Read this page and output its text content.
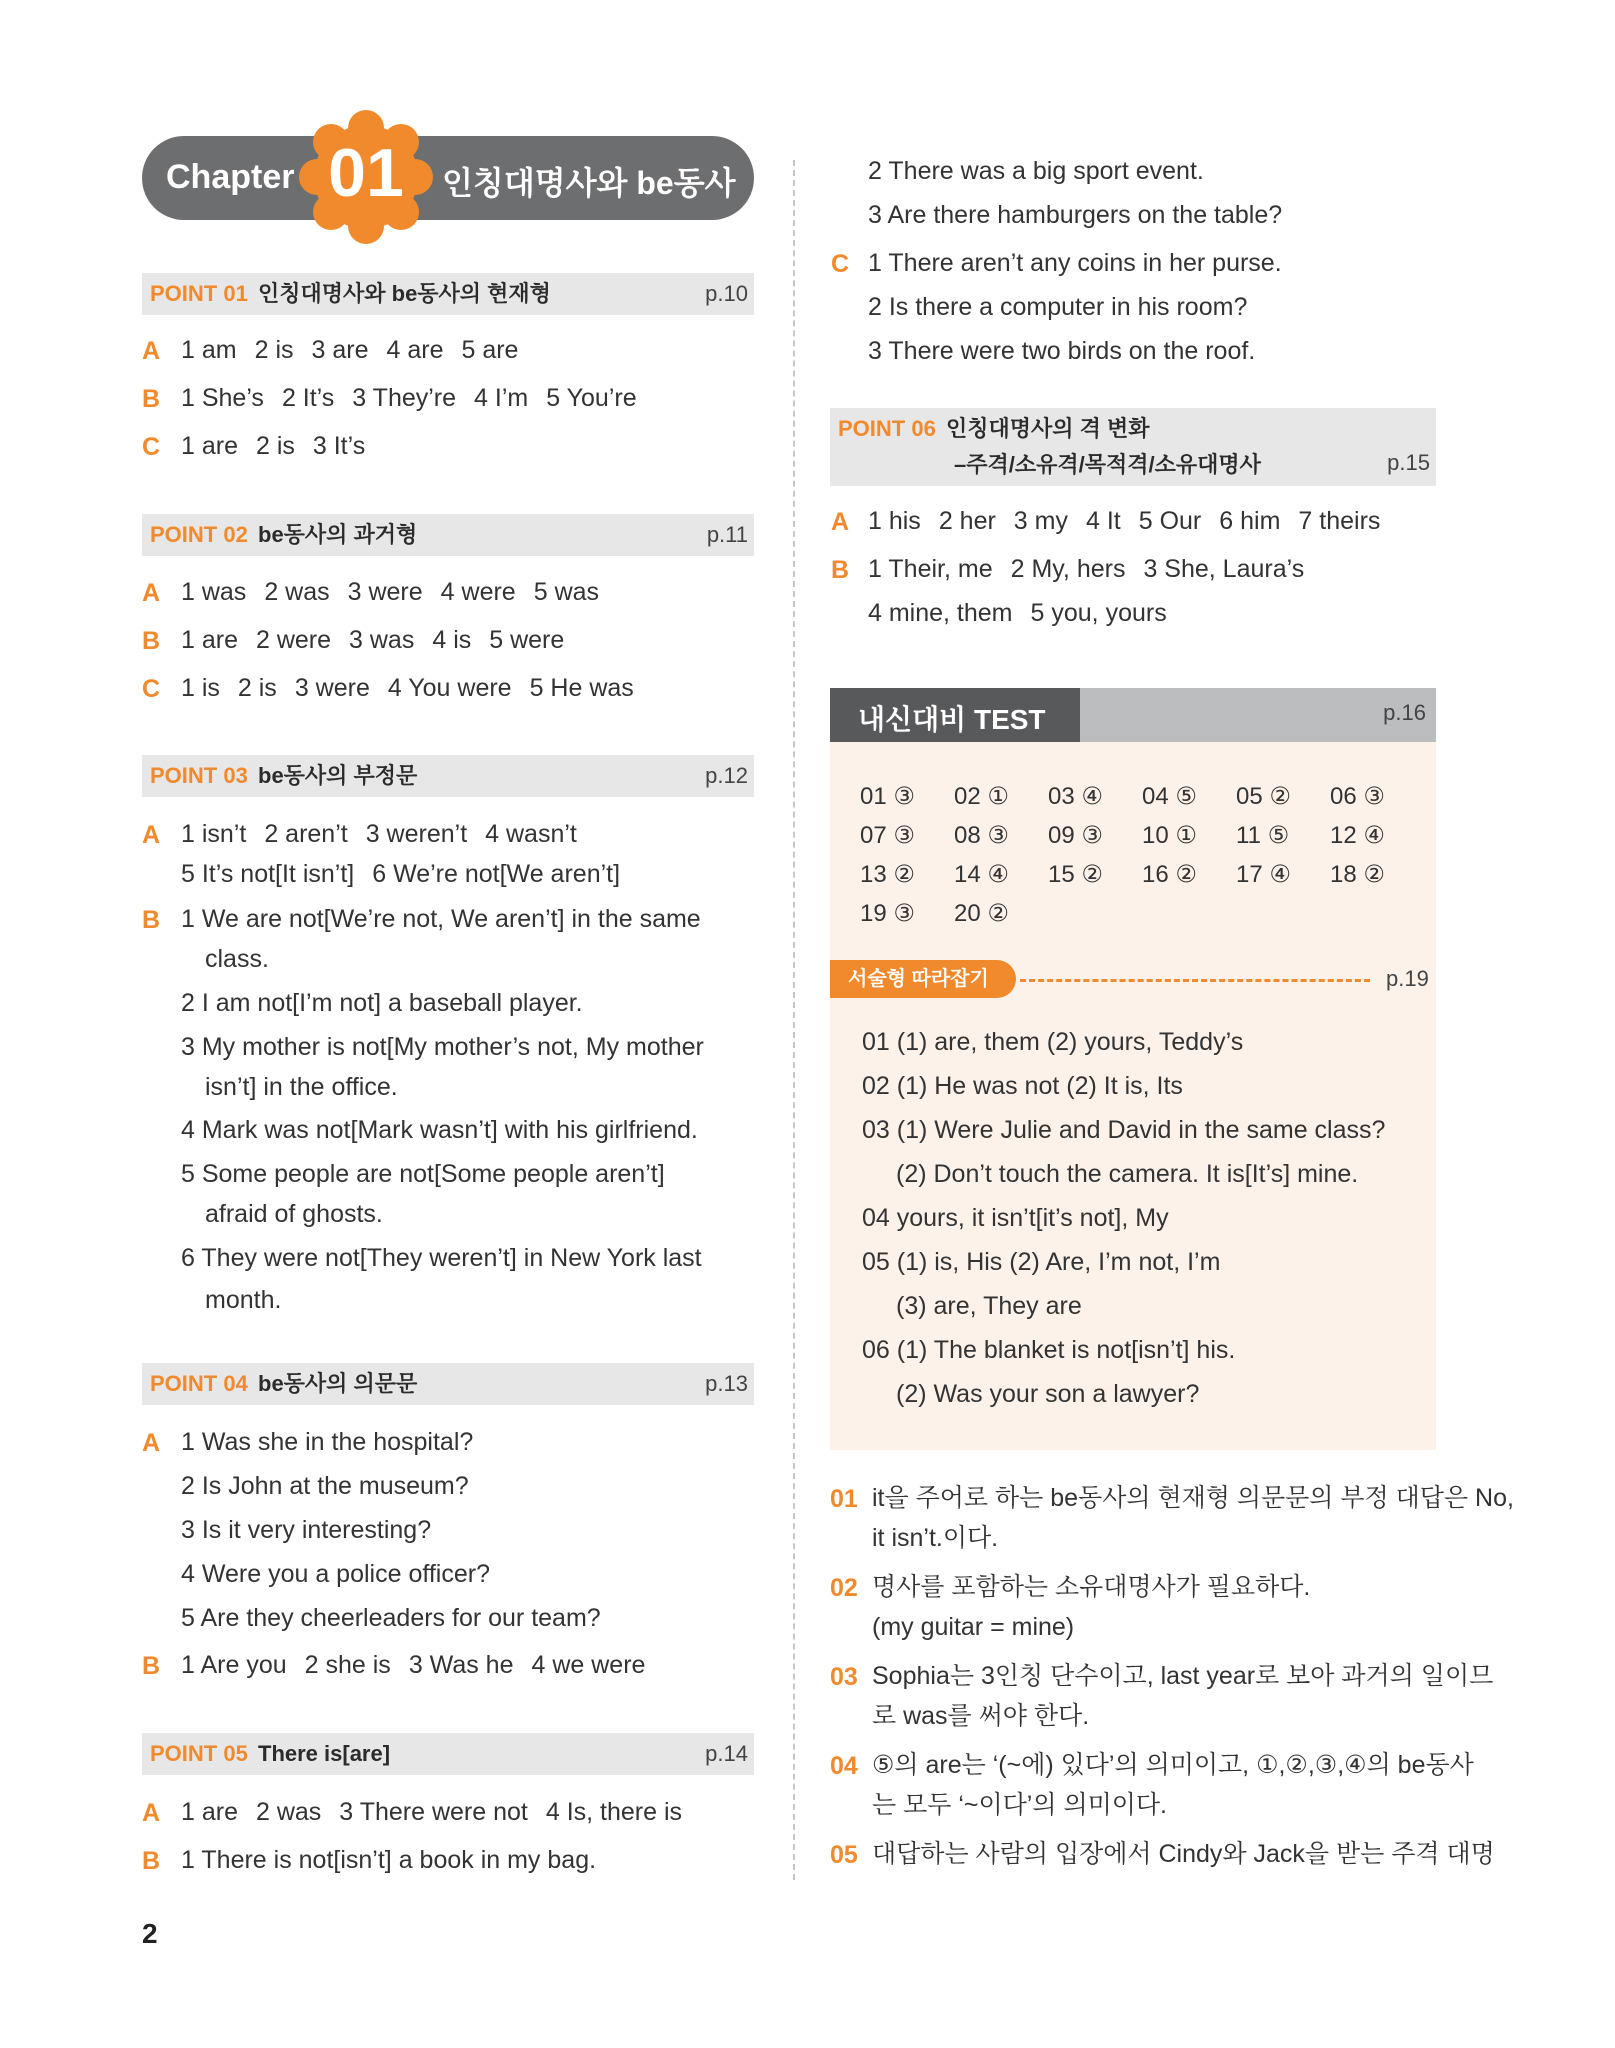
Chapter 01	인칭대명사와 be동사
POINT 01 인칭대명사와 be동사의 현재형	p.10
A 1 am 2 is 3 are 4 are 5 are
B 1 She’s 2 It’s 3 They’re 4 I’m 5 You’re
C 1 are 2 is 3 It’s
POINT 02 be동사의 과거형	p.11
A 1 was 2 was 3 were 4 were 5 was
B 1 are 2 were 3 was 4 is 5 were
C 1 is 2 is 3 were 4 You were 5 He was
POINT 03 be동사의 부정문	p.12
A 1 isn’t 2 aren’t 3 weren’t 4 wasn’t
5 It’s not[It isn’t] 6 We’re not[We aren’t]
B 1 We are not[We’re not, We aren’t] in the same
class.
2 I am not[I’m not] a baseball player.
3 My mother is not[My mother’s not, My mother
isn’t] in the office.
4 Mark was not[Mark wasn’t] with his girlfriend.
5 Some people are not[Some people aren’t]
afraid of ghosts.
6 They were not[They weren’t] in New York last
month.
POINT 04 be동사의 의문문	p.13
A 1 Was she in the hospital?
2 Is John at the museum?
3 Is it very interesting?
4 Were you a police officer?
5 Are they cheerleaders for our team?
B 1 Are you 2 she is 3 Was he 4 we were
POINT 05 There is[are]	p.14
A 1 are 2 was 3 There were not 4 Is, there is
B 1 There is not[isn’t] a book in my bag.
2
2 There was a big sport event.
3 Are there hamburgers on the table?
C 1 There aren’t any coins in her purse.
2 Is there a computer in his room?
3 There were two birds on the roof.
POINT 06 인칭대명사의 격 변화
–주격/소유격/목적격/소유대명사	p.15
A 1 his 2 her 3 my 4 It 5 Our 6 him 7 theirs
B 1 Their, me 2 My, hers 3 She, Laura’s
4 mine, them 5 you, yours
내신대비 TEST	p.16
01 ③ 02 ① 03 ④ 04 ⑤ 05 ② 06 ③
07 ③ 08 ③ 09 ③ 10 ① 11 ⑤ 12 ④
13 ② 14 ④ 15 ② 16 ② 17 ④ 18 ②
19 ③ 20 ②
서술형 따라잡기	p.19
01 (1) are, them (2) yours, Teddy’s
02 (1) He was not (2) It is, Its
03 (1) Were Julie and David in the same class?
(2) Don’t touch the camera. It is[It’s] mine.
04 yours, it isn’t[it’s not], My
05 (1) is, His (2) Are, I’m not, I’m
(3) are, They are
06 (1) The blanket is not[isn’t] his.
(2) Was your son a lawyer?
01 it을 주어로 하는 be동사의 현재형 의문문의 부정 대답은 No,
it isn’t.이다.
02 명사를 포함하는 소유대명사가 필요하다.
(my guitar = mine)
03 Sophia는 3인칭 단수이고, last year로 보아 과거의 일이므
로 was를 써야 한다.
04 ⑤의 are는 ‘(~에) 있다’의 의미이고, ①,②,③,④의 be동사
는 모두 ‘~이다’의 의미이다.
05 대답하는 사람의 입장에서 Cindy와 Jack을 받는 주격 대명
